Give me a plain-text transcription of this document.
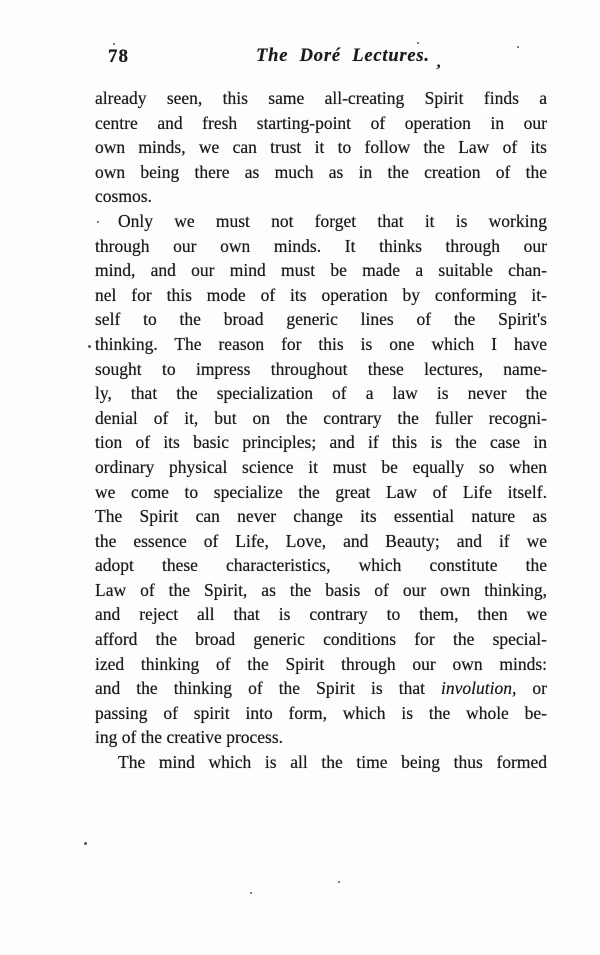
78	The Doré Lectures. ,
already seen, this same all-creating Spirit finds a
centre and fresh starting-point of operation in our
own minds, we can trust it to follow the Law of its
own being there as much as in the creation of the
cosmos.
Only we must not forget that it is working
through our own minds. It thinks through our
mind, and our mind must be made a suitable chan-
nel for this mode of its operation by conforming it-
self to the broad generic lines of the Spirit's
thinking. The reason for this is one which I have
sought to impress throughout these lectures, name-
ly, that the specialization of a law is never the
denial of it, but on the contrary the fuller recogni-
tion of its basic principles; and if this is the case in
ordinary physical science it must be equally so when
we come to specialize the great Law of Life itself.
The Spirit can never change its essential nature as
the essence of Life, Love, and Beauty; and if we
adopt these characteristics, which constitute the
Law of the Spirit, as the basis of our own thinking,
and reject all that is contrary to them, then we
afford the broad generic conditions for the special-
ized thinking of the Spirit through our own minds:
and the thinking of the Spirit is that involution, or
passing of spirit into form, which is the whole be-
ing of the creative process.
The mind which is all the time being thus formed
